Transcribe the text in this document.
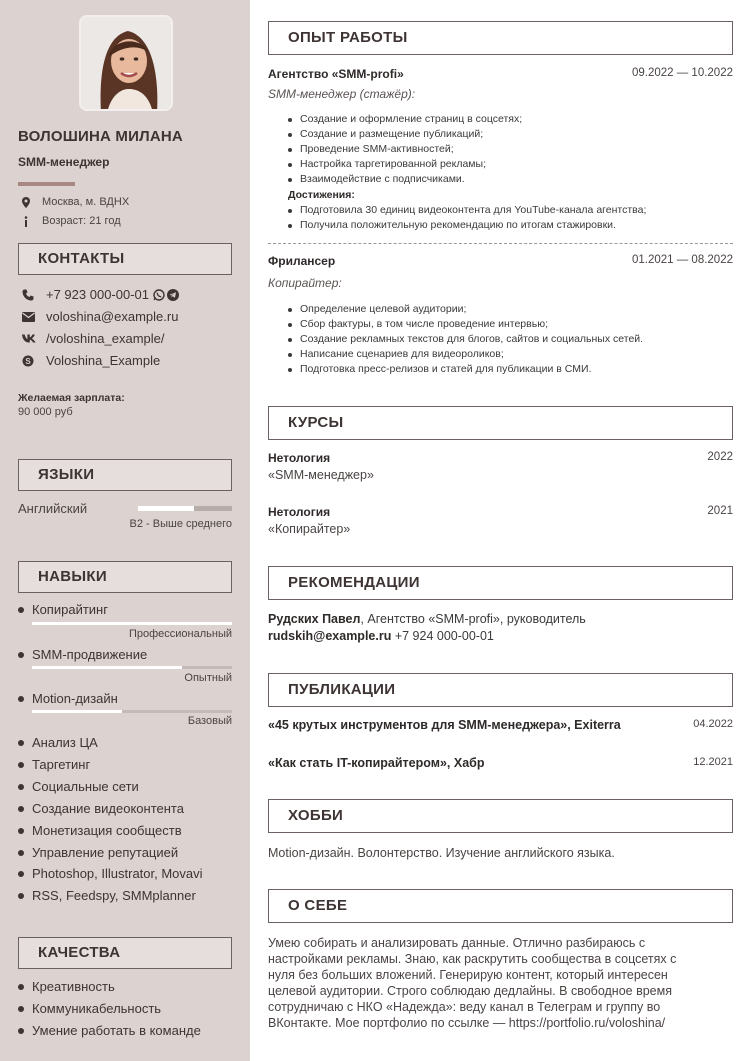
ВОЛОШИНА МИЛАНА
SMM-менеджер
Москва, м. ВДНХ
Возраст: 21 год
КОНТАКТЫ
+7 923 000-00-01
voloshina@example.ru
/voloshina_example/
S Voloshina_Example
Желаемая зарплата:
90 000 руб
ЯЗЫКИ
Английский
B2 - Выше среднего
НАВЫКИ
Копирайтинг
Профессиональный
SMM-продвижение
Опытный
Motion-дизайн
Базовый
Анализ ЦА
Таргетинг
Социальные сети
Создание видеоконтента
Монетизация сообществ
Управление репутацией
Photoshop, Illustrator, Movavi
RSS, Feedspy, SMMplanner
КАЧЕСТВА
Креативность
Коммуникабельность
Умение работать в команде
ОПЫТ РАБОТЫ
Агентство «SMM-profi»	09.2022 — 10.2022
SMM-менеджер (стажёр):
Создание и оформление страниц в соцсетях;
Создание и размещение публикаций;
Проведение SMM-активностей;
Настройка таргетированной рекламы;
Взаимодействие с подписчиками.
Достижения:
Подготовила 30 единиц видеоконтента для YouTube-канала агентства;
Получила положительную рекомендацию по итогам стажировки.
Фрилансер	01.2021 — 08.2022
Копирайтер:
Определение целевой аудитории;
Сбор фактуры, в том числе проведение интервью;
Создание рекламных текстов для блогов, сайтов и социальных сетей.
Написание сценариев для видеороликов;
Подготовка пресс-релизов и статей для публикации в СМИ.
КУРСЫ
Нетология	2022
«SMM-менеджер»
Нетология	2021
«Копирайтер»
РЕКОМЕНДАЦИИ
Рудских Павел, Агентство «SMM-profi», руководитель
rudskih@example.ru +7 924 000-00-01
ПУБЛИКАЦИИ
«45 крутых инструментов для SMM-менеджера», Exiterra	04.2022
«Как стать IT-копирайтером», Хабр	12.2021
ХОББИ
Motion-дизайн. Волонтерство. Изучение английского языка.
О СЕБЕ
Умею собирать и анализировать данные. Отлично разбираюсь с
настройками рекламы. Знаю, как раскрутить сообщества в соцсетях с
нуля без больших вложений. Генерирую контент, который интересен
целевой аудитории. Строго соблюдаю дедлайны. В свободное время
сотрудничаю с НКО «Надежда»: веду канал в Телеграм и группу во
ВКонтакте. Мое портфолио по ссылке — https://portfolio.ru/voloshina/
